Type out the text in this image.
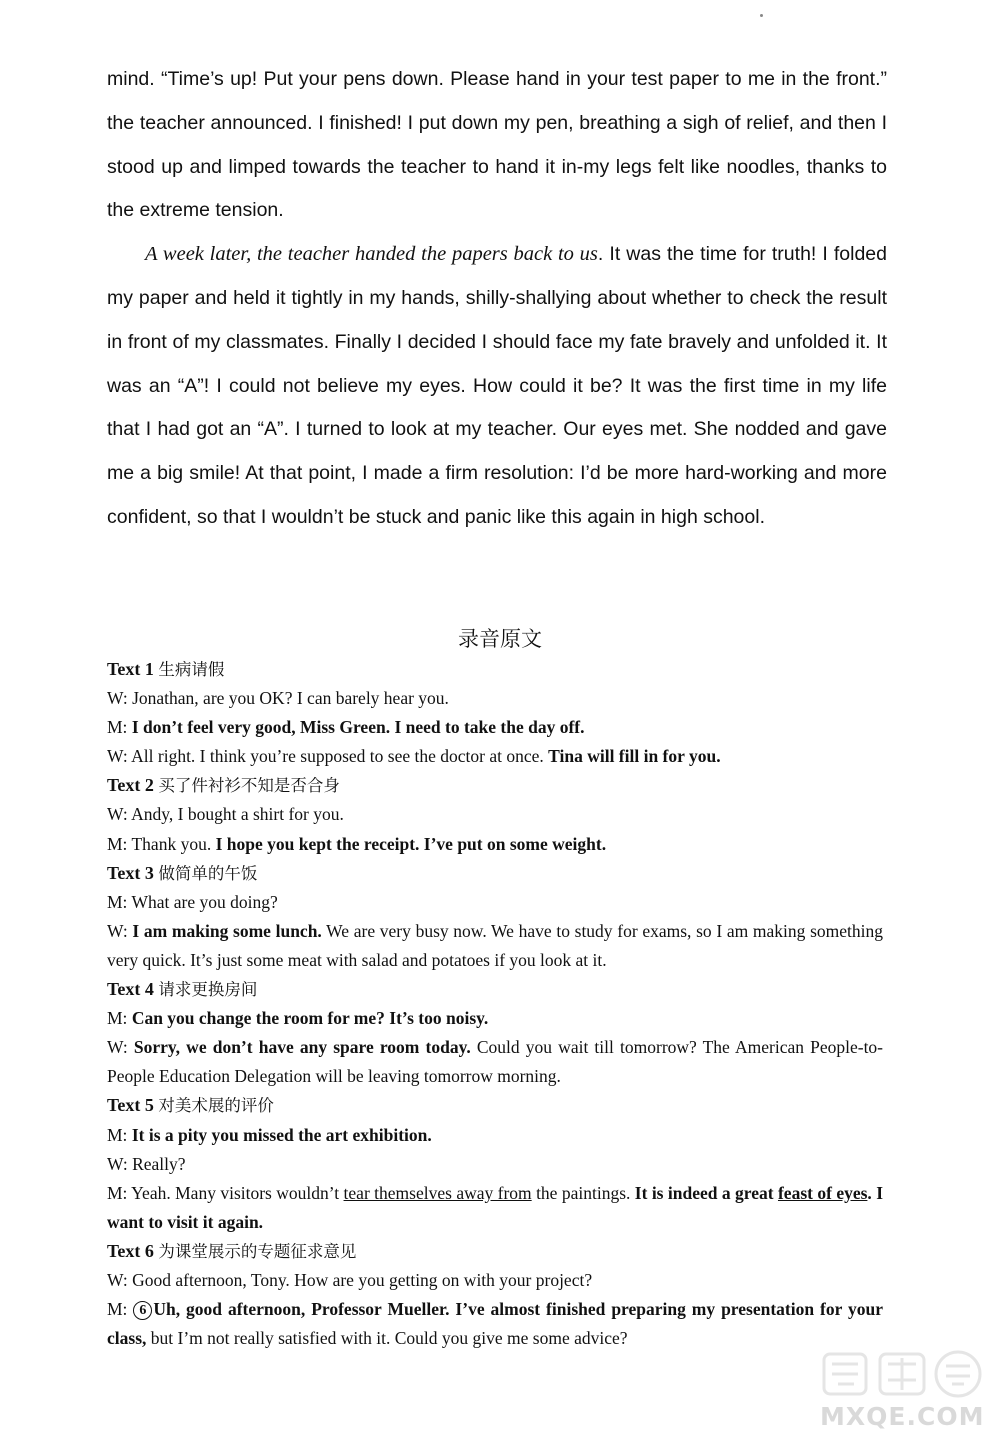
mind. “Time’s up! Put your pens down. Please hand in your test paper to me in the front.” the teacher announced. I finished! I put down my pen, breathing a sigh of relief, and then I stood up and limped towards the teacher to hand it in-my legs felt like noodles, thanks to the extreme tension.

A week later, the teacher handed the papers back to us. It was the time for truth! I folded my paper and held it tightly in my hands, shilly-shallying about whether to check the result in front of my classmates. Finally I decided I should face my fate bravely and unfolded it. It was an “A”! I could not believe my eyes. How could it be? It was the first time in my life that I had got an “A”. I turned to look at my teacher. Our eyes met. She nodded and gave me a big smile! At that point, I made a firm resolution: I’d be more hard-working and more confident, so that I wouldn’t be stuck and panic like this again in high school.

录音原文
Text 1 生病请假
W: Jonathan, are you OK? I can barely hear you.
M: I don’t feel very good, Miss Green. I need to take the day off.
W: All right. I think you’re supposed to see the doctor at once. Tina will fill in for you.
Text 2 买了件衬衫不知是否合身
W: Andy, I bought a shirt for you.
M: Thank you. I hope you kept the receipt. I’ve put on some weight.
Text 3 做简单的午饭
M: What are you doing?
W: I am making some lunch. We are very busy now. We have to study for exams, so I am making something very quick. It’s just some meat with salad and potatoes if you look at it.
Text 4 请求更换房间
M: Can you change the room for me? It’s too noisy.
W: Sorry, we don’t have any spare room today. Could you wait till tomorrow? The American People-to-People Education Delegation will be leaving tomorrow morning.
Text 5 对美术展的评价
M: It is a pity you missed the art exhibition.
W: Really?
M: Yeah. Many visitors wouldn’t tear themselves away from the paintings. It is indeed a great feast of eyes. I want to visit it again.
Text 6 为课堂展示的专题征求意见
W: Good afternoon, Tony. How are you getting on with your project?
M: 6 Uh, good afternoon, Professor Mueller. I’ve almost finished preparing my presentation for your class, but I’m not really satisfied with it. Could you give me some advice?
MXQE.COM
